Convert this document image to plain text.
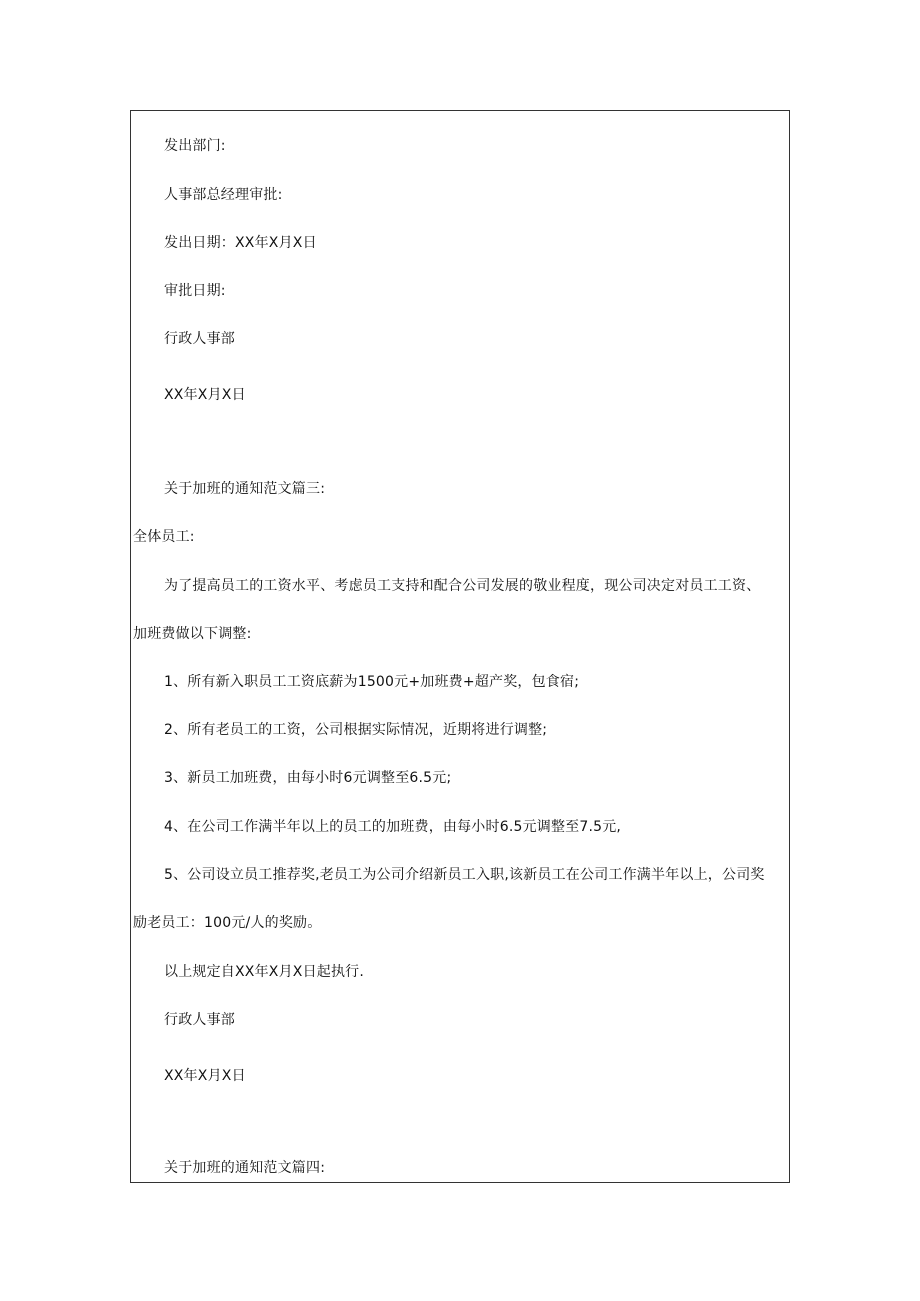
发出部门:
人事部总经理审批:
发出日期：XX年X月X日
审批日期:
行政人事部
XX年X月X日
关于加班的通知范文篇三:
全体员工:
为了提高员工的工资水平、考虑员工支持和配合公司发展的敬业程度，现公司决定对员工工资、
加班费做以下调整:
1、所有新入职员工工资底薪为1500元+加班费+超产奖，包食宿;
2、所有老员工的工资，公司根据实际情况，近期将进行调整;
3、新员工加班费，由每小时6元调整至6.5元;
4、在公司工作满半年以上的员工的加班费，由每小时6.5元调整至7.5元,
5、公司设立员工推荐奖,老员工为公司介绍新员工入职,该新员工在公司工作满半年以上，公司奖
励老员工：100元/人的奖励。
以上规定自XX年X月X日起执行.
行政人事部
XX年X月X日
关于加班的通知范文篇四:
